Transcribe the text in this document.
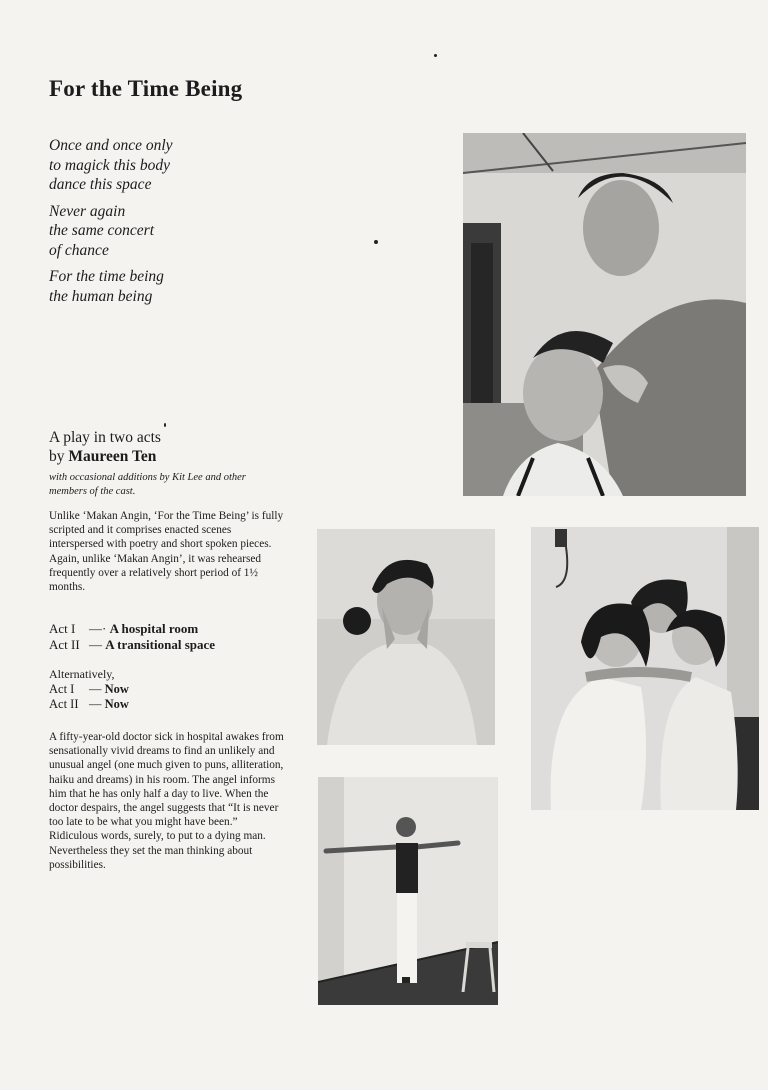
For the Time Being
Once and once only
to magick this body
dance this space
Never again
the same concert
of chance
For the time being
the human being
A play in two acts
by Maureen Ten
with occasional additions by Kit Lee and other members of the cast.
Unlike ‘Makan Angin, ‘For the Time Being’ is fully scripted and it comprises enacted scenes interspersed with poetry and short spoken pieces. Again, unlike ‘Makan Angin’, it was rehearsed frequently over a relatively short period of 1½ months.
Act I —· A hospital room
Act II — A transitional space
Alternatively,
Act I — Now
Act II — Now
A fifty-year-old doctor sick in hospital awakes from sensationally vivid dreams to find an unlikely and unusual angel (one much given to puns, alliteration, haiku and dreams) in his room. The angel informs him that he has only half a day to live. When the doctor despairs, the angel suggests that “It is never too late to be what you might have been.” Ridiculous words, surely, to put to a dying man. Nevertheless they set the man thinking about possibilities.
